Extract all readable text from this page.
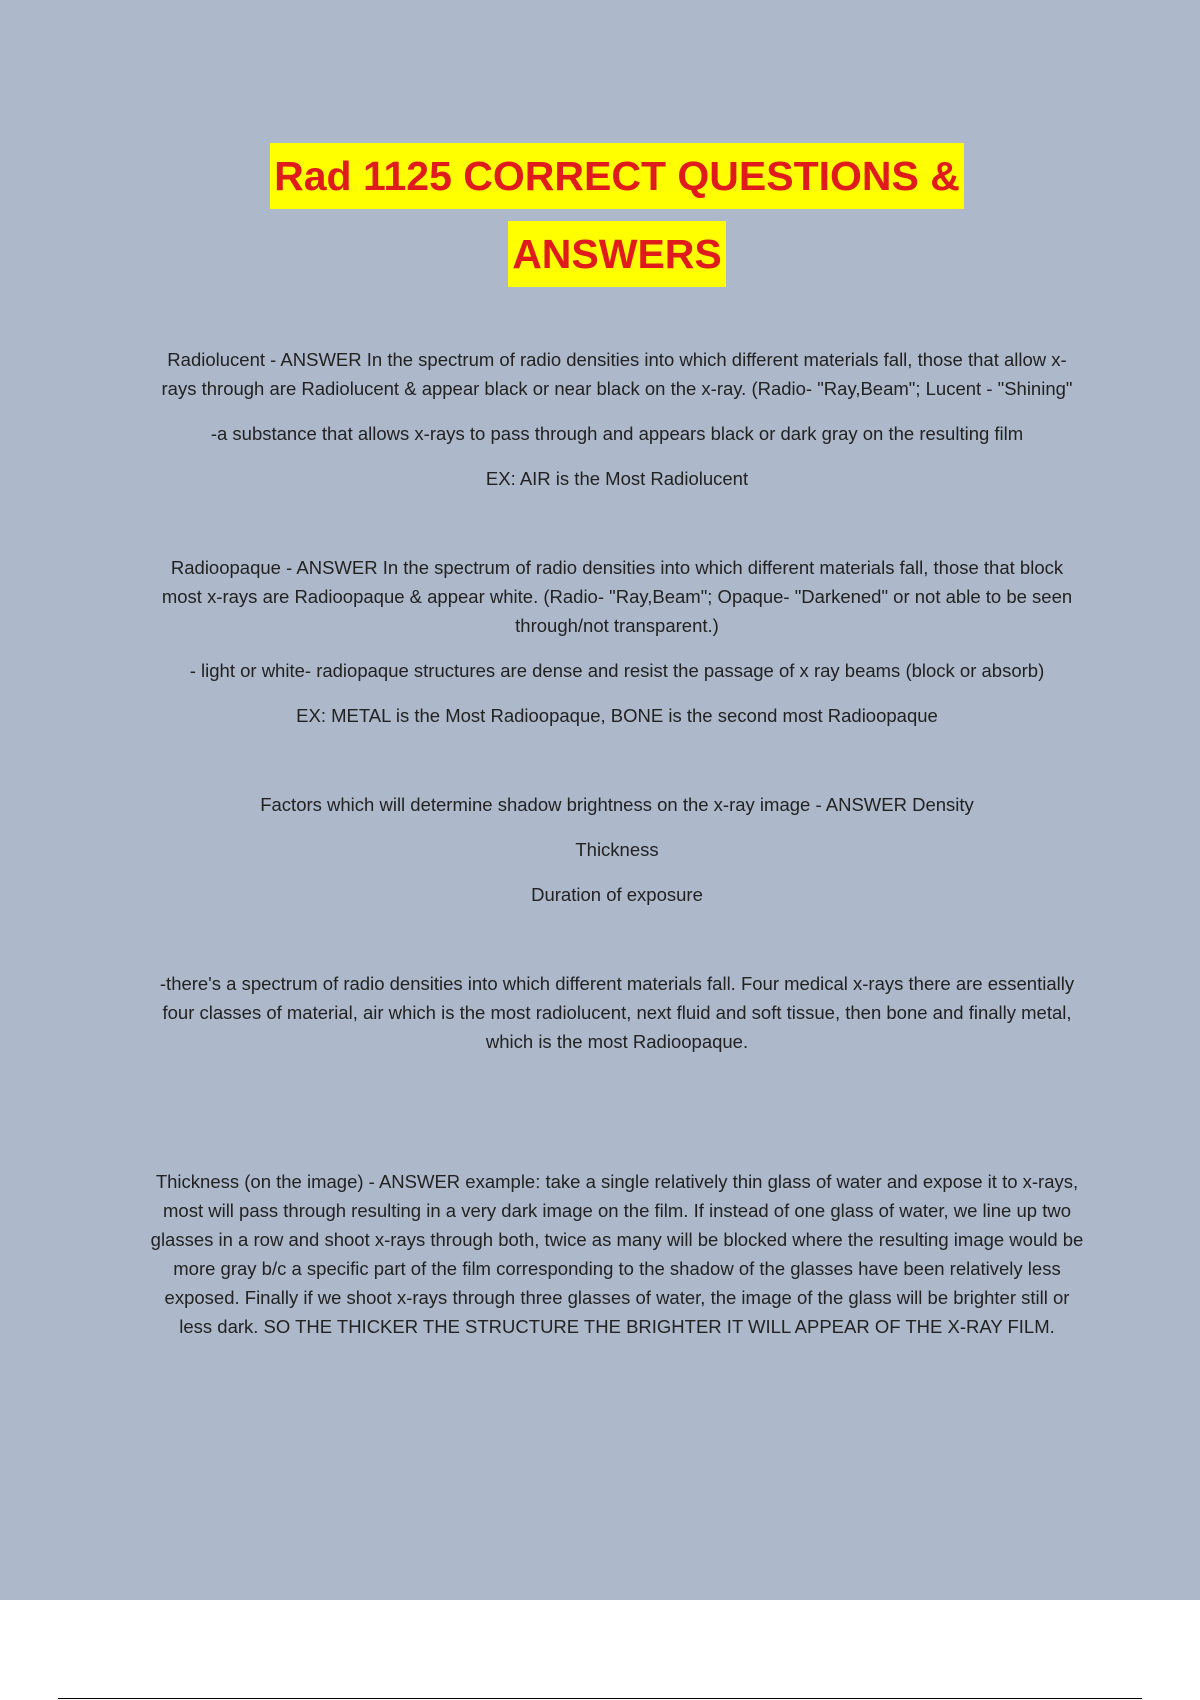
Rad 1125 CORRECT QUESTIONS &
ANSWERS

Radiolucent - ANSWER In the spectrum of radio densities into which different materials fall, those that allow x-rays through are Radiolucent & appear black or near black on the x-ray. (Radio- "Ray,Beam"; Lucent - "Shining"

-a substance that allows x-rays to pass through and appears black or dark gray on the resulting film

EX: AIR is the Most Radiolucent

Radioopaque - ANSWER In the spectrum of radio densities into which different materials fall, those that block most x-rays are Radioopaque & appear white. (Radio- "Ray,Beam"; Opaque- "Darkened" or not able to be seen through/not transparent.)

- light or white- radiopaque structures are dense and resist the passage of x ray beams (block or absorb)

EX: METAL is the Most Radioopaque, BONE is the second most Radioopaque

Factors which will determine shadow brightness on the x-ray image - ANSWER Density

Thickness

Duration of exposure

-there's a spectrum of radio densities into which different materials fall. Four medical x-rays there are essentially four classes of material, air which is the most radiolucent, next fluid and soft tissue, then bone and finally metal, which is the most Radioopaque.

Thickness (on the image) - ANSWER example: take a single relatively thin glass of water and expose it to x-rays, most will pass through resulting in a very dark image on the film. If instead of one glass of water, we line up two glasses in a row and shoot x-rays through both, twice as many will be blocked where the resulting image would be more gray b/c a specific part of the film corresponding to the shadow of the glasses have been relatively less exposed. Finally if we shoot x-rays through three glasses of water, the image of the glass will be brighter still or less dark. SO THE THICKER THE STRUCTURE THE BRIGHTER IT WILL APPEAR OF THE X-RAY FILM.
